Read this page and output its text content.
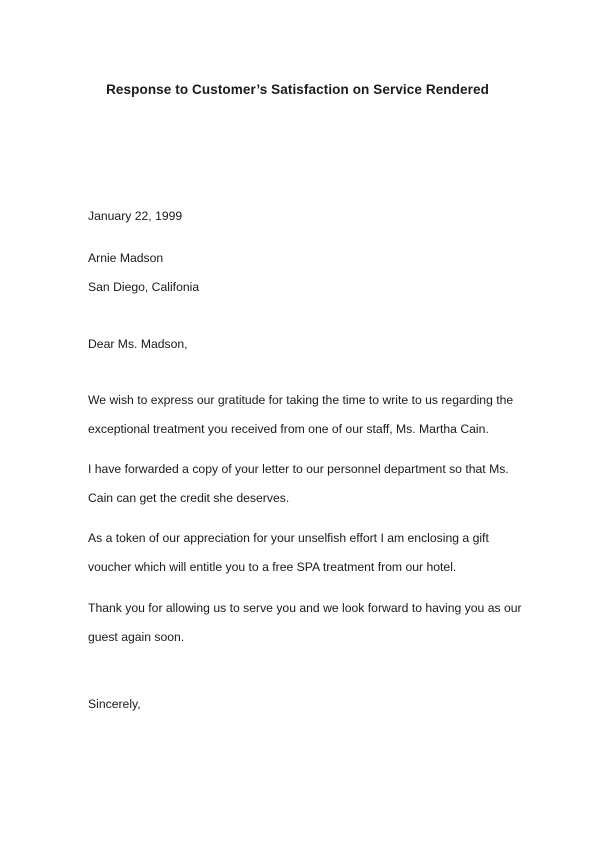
Response to Customer’s Satisfaction on Service Rendered
January 22, 1999
Arnie Madson
San Diego, Califonia
Dear Ms. Madson,
We wish to express our gratitude for taking the time to write to us regarding the
exceptional treatment you received from one of our staff, Ms. Martha Cain.
I have forwarded a copy of your letter to our personnel department so that Ms.
Cain can get the credit she deserves.
As a token of our appreciation for your unselfish effort I am enclosing a gift
voucher which will entitle you to a free SPA treatment from our hotel.
Thank you for allowing us to serve you and we look forward to having you as our
guest again soon.
Sincerely,
